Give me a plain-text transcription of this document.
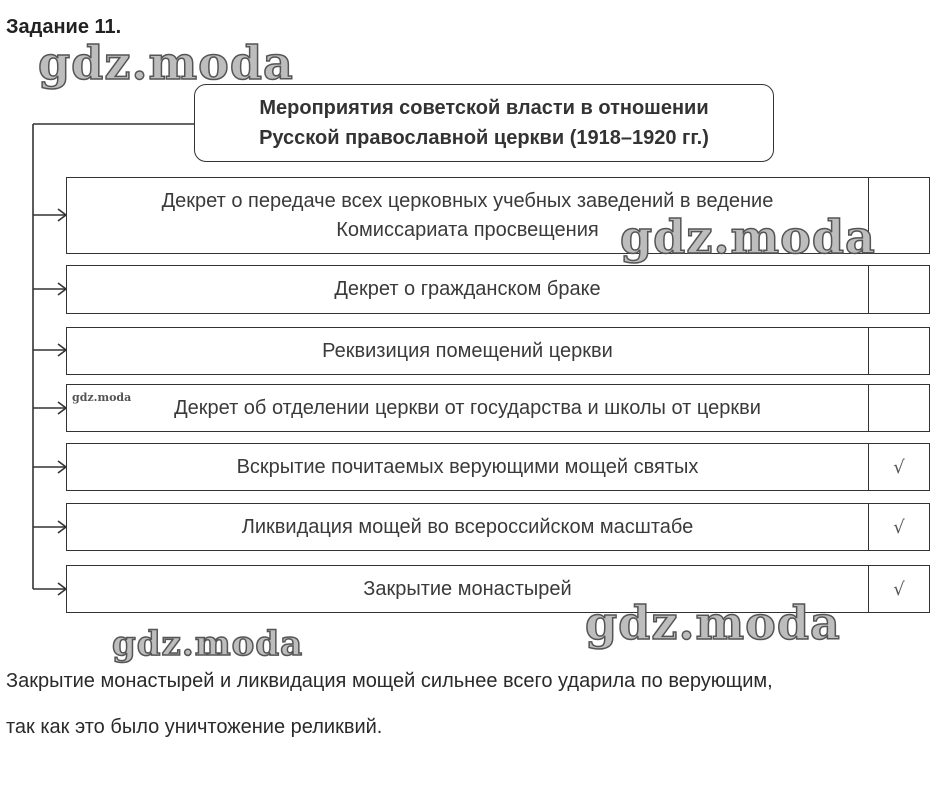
Задание 11.
Мероприятия советской власти в отношении
Русской православной церкви (1918–1920 гг.)
Декрет о передаче всех церковных учебных заведений в ведение
Комиссариата просвещения
Декрет о гражданском браке
Реквизиция помещений церкви
Декрет об отделении церкви от государства и школы от церкви
Вскрытие почитаемых верующими мощей святых	√
Ликвидация мощей во всероссийском масштабе	√
Закрытие монастырей	√
Закрытие монастырей и ликвидация мощей сильнее всего ударила по верующим,
так как это было уничтожение реликвий.
gdz.moda
gdz.moda
gdz.moda
gdz.moda
gdz.moda
